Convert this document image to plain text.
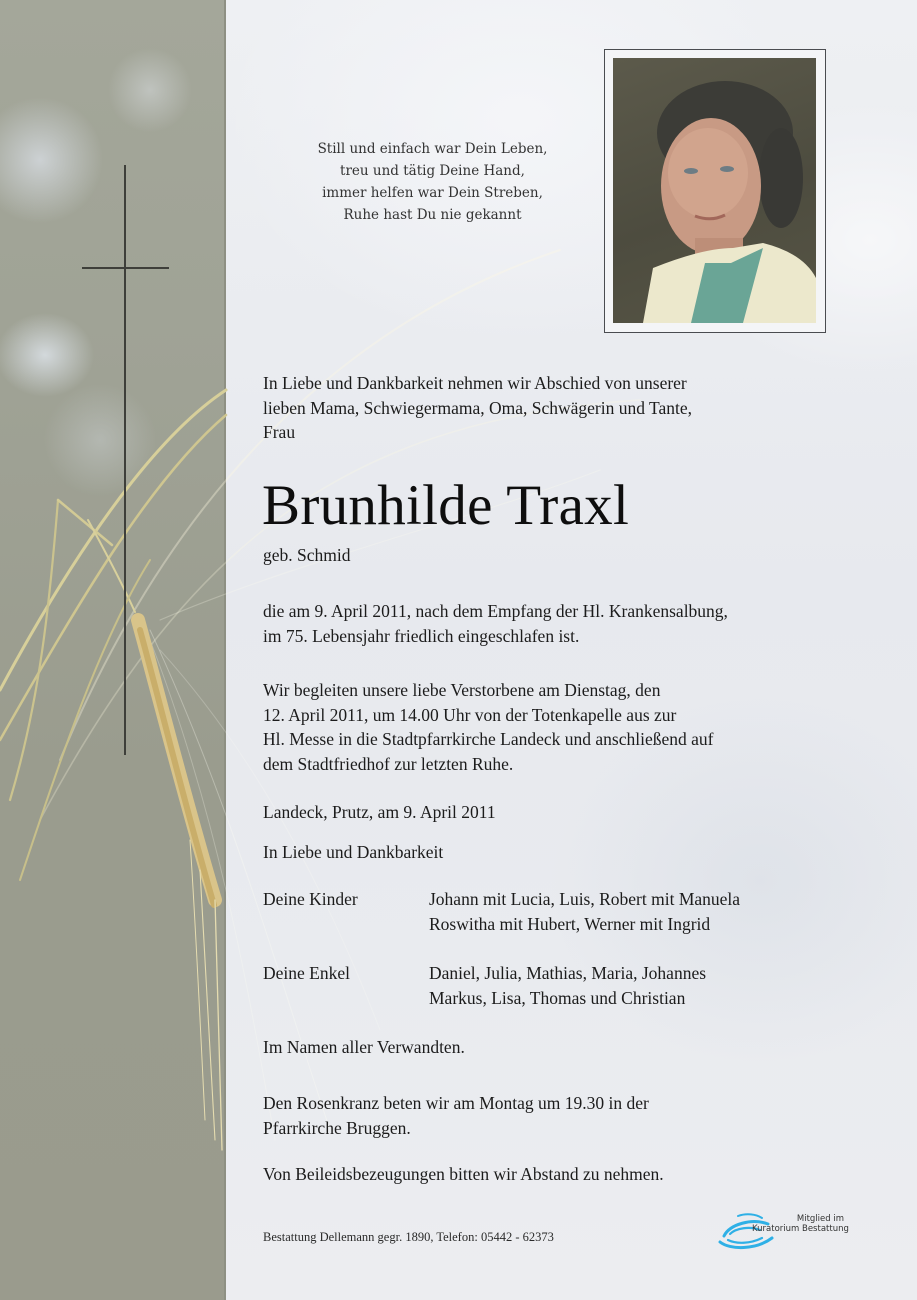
Still und einfach war Dein Leben,
treu und tätig Deine Hand,
immer helfen war Dein Streben,
Ruhe hast Du nie gekannt
In Liebe und Dankbarkeit nehmen wir Abschied von unserer
lieben Mama, Schwiegermama, Oma, Schwägerin und Tante,
Frau
Brunhilde Traxl
geb. Schmid
die am 9. April 2011, nach dem Empfang der Hl. Krankensalbung,
im 75. Lebensjahr friedlich eingeschlafen ist.
Wir begleiten unsere liebe Verstorbene am Dienstag, den
12. April 2011, um 14.00 Uhr von der Totenkapelle aus zur
Hl. Messe in die Stadtpfarrkirche Landeck und anschließend auf
dem Stadtfriedhof zur letzten Ruhe.
Landeck, Prutz, am 9. April 2011
In Liebe und Dankbarkeit
Deine Kinder	Johann mit Lucia, Luis, Robert mit Manuela
Roswitha mit Hubert, Werner mit Ingrid
Deine Enkel	Daniel, Julia, Mathias, Maria, Johannes
Markus, Lisa, Thomas und Christian
Im Namen aller Verwandten.
Den Rosenkranz beten wir am Montag um 19.30 in der
Pfarrkirche Bruggen.
Von Beileidsbezeugungen bitten wir Abstand zu nehmen.
Bestattung Dellemann gegr. 1890, Telefon: 05442 - 62373
Mitglied im
Kuratorium Bestattung
